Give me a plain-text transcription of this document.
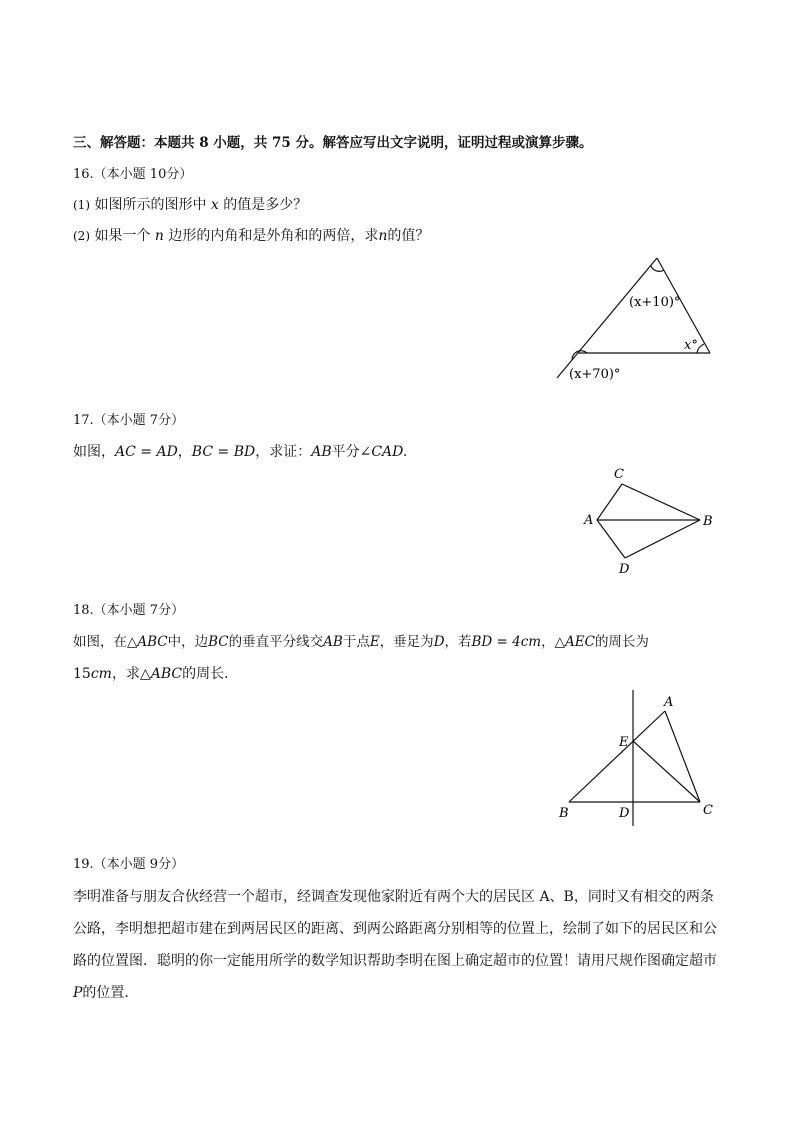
三、解答题：本题共 8 小题，共 75 分。解答应写出文字说明，证明过程或演算步骤。
16.（本小题 10分）
(1) 如图所示的图形中 x 的值是多少？
(2) 如果一个 n 边形的内角和是外角和的两倍，求n的值？
(x+10)°
x°
(x+70)°
17.（本小题 7分）
如图，AC = AD，BC = BD，求证：AB平分∠CAD.
C
A	B
D
18.（本小题 7分）
如图，在△ABC中，边BC的垂直平分线交AB于点E，垂足为D，若BD = 4cm，△AEC的周长为
15cm，求△ABC的周长．
A
E
B	D	C
19.（本小题 9分）
李明准备与朋友合伙经营一个超市，经调查发现他家附近有两个大的居民区 A、B，同时又有相交的两条
公路，李明想把超市建在到两居民区的距离、到两公路距离分别相等的位置上，绘制了如下的居民区和公
路的位置图．聪明的你一定能用所学的数学知识帮助李明在图上确定超市的位置！请用尺规作图确定超市
P的位置．
